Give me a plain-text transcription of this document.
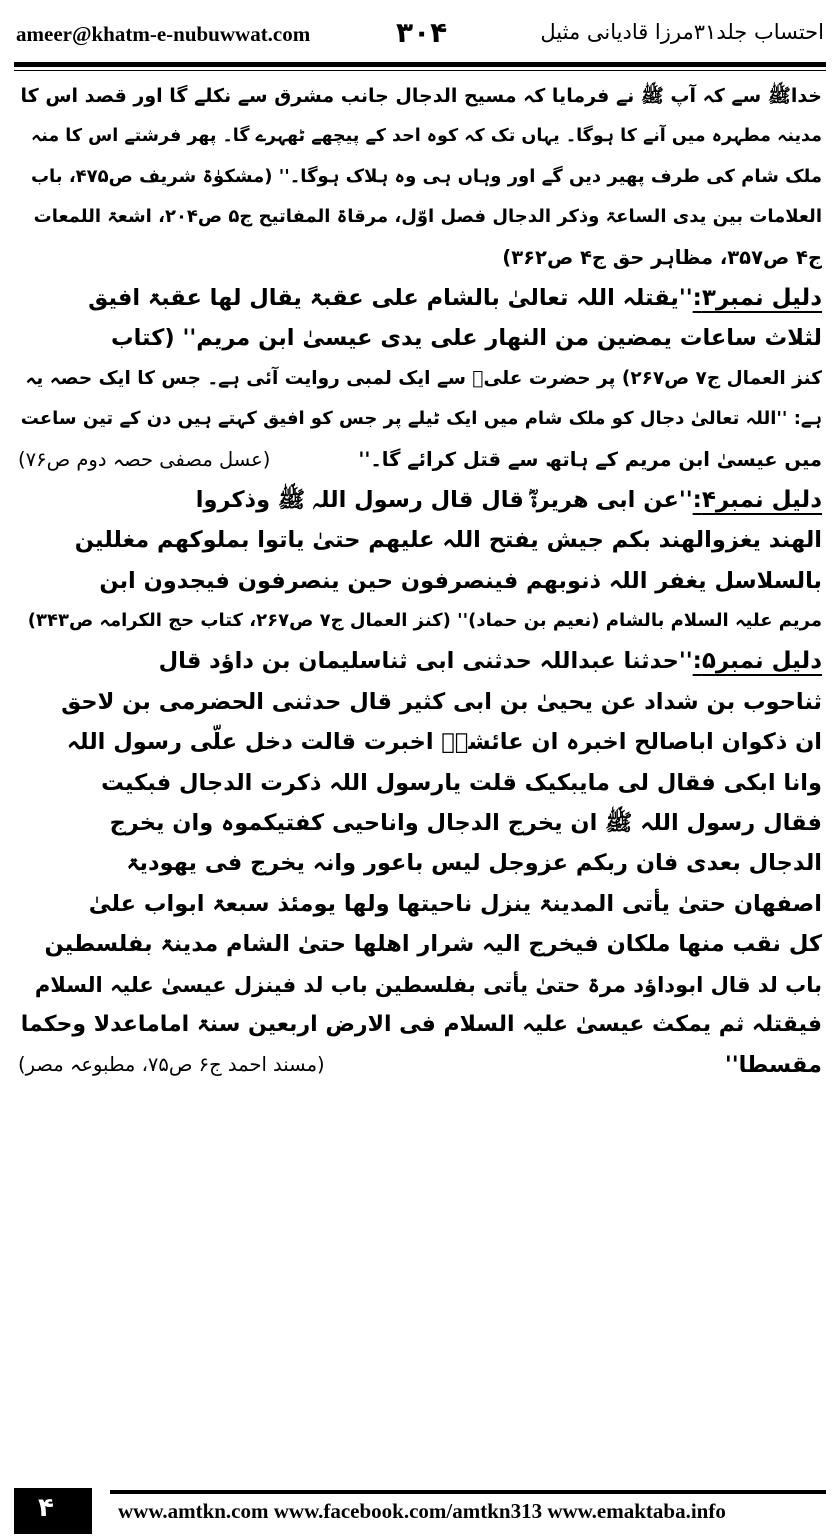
ameer@khatm-e-nubuwwat.com	۳۰۴	احتساب جلد۳۱مرزا قادیانی مثیل
خداﷺ سے کہ آپ ﷺ نے فرمایا کہ مسیح الدجال جانب مشرق سے نکلے گا اور قصد اس کا
مدینہ مطہرہ میں آنے کا ہوگا۔ یہاں تک کہ کوہ احد کے پیچھے ٹھہرے گا۔ پھر فرشتے اس کا منہ
ملک شام کی طرف پھیر دیں گے اور وہاں ہی وہ ہلاک ہوگا۔'' (مشکوٰۃ شریف ص۴۷۵، باب
العلامات بین یدی الساعۃ وذکر الدجال فصل اوّل، مرقاۃ المفاتیح ج۵ ص۲۰۴، اشعۃ اللمعات
ج۴ ص۳۵۷، مظاہر حق ج۴ ص۳۶۲)
دلیل نمبر۳:''یقتلہ اللہ تعالیٰ بالشام علی عقبۃ یقال لھا عقبۃ افیق
لثلاث ساعات یمضین من النھار علی یدی عیسیٰ ابن مریم'' (کتاب
کنز العمال ج۷ ص۲۶۷) پر حضرت علیؓ سے ایک لمبی روایت آئی ہے۔ جس کا ایک حصہ یہ
ہے: ''اللہ تعالیٰ دجال کو ملک شام میں ایک ٹیلے پر جس کو افیق کہتے ہیں دن کے تین ساعت
میں عیسیٰ ابن مریم کے ہاتھ سے قتل کرائے گا۔''
(عسل مصفی حصہ دوم ص۷۶)
دلیل نمبر۴:''عن ابی ھریرۃؓ قال قال رسول اللہ ﷺ وذکروا
الھند یغزوالھند بکم جیش یفتح اللہ علیھم حتیٰ یاتوا بملوکھم مغللین
بالسلاسل یغفر اللہ ذنوبھم فینصرفون حین ینصرفون فیجدون ابن
مریم علیہ السلام بالشام (نعیم بن حماد)'' (کنز العمال ج۷ ص۲۶۷، کتاب حج الکرامہ ص۳۴۳)
دلیل نمبر۵:''حدثنا عبداللہ حدثنی ابی ثناسلیمان بن داؤد قال
ثناحوب بن شداد عن یحییٰ بن ابی کثیر قال حدثنی الحضرمی بن لاحق
ان ذکوان اباصالح اخبرہ ان عائشۃؓ اخبرت قالت دخل علّی رسول اللہ
وانا ابکی فقال لی مایبکیک قلت یارسول اللہ ذکرت الدجال فبکیت
فقال رسول اللہ ﷺ ان یخرج الدجال واناحیی کفتیکموہ وان یخرج
الدجال بعدی فان ربکم عزوجل لیس باعور وانہ یخرج فی یھودیۃ
اصفھان حتیٰ یأتی المدینۃ ینزل ناحیتھا ولھا یومئذ سبعۃ ابواب علیٰ
کل نقب منھا ملکان فیخرج الیہ شرار اھلھا حتیٰ الشام مدینۃ بفلسطین
باب لد قال ابوداؤد مرۃ حتیٰ یأتی بفلسطین باب لد فینزل عیسیٰ علیہ السلام
فیقتلہ ثم یمکث عیسیٰ علیہ السلام فی الارض اربعین سنۃ اماماعدلا وحکما
مقسطا''
(مسند احمد ج۶ ص۷۵، مطبوعہ مصر)
۴	www.amtkn.com www.facebook.com/amtkn313 www.emaktaba.info
